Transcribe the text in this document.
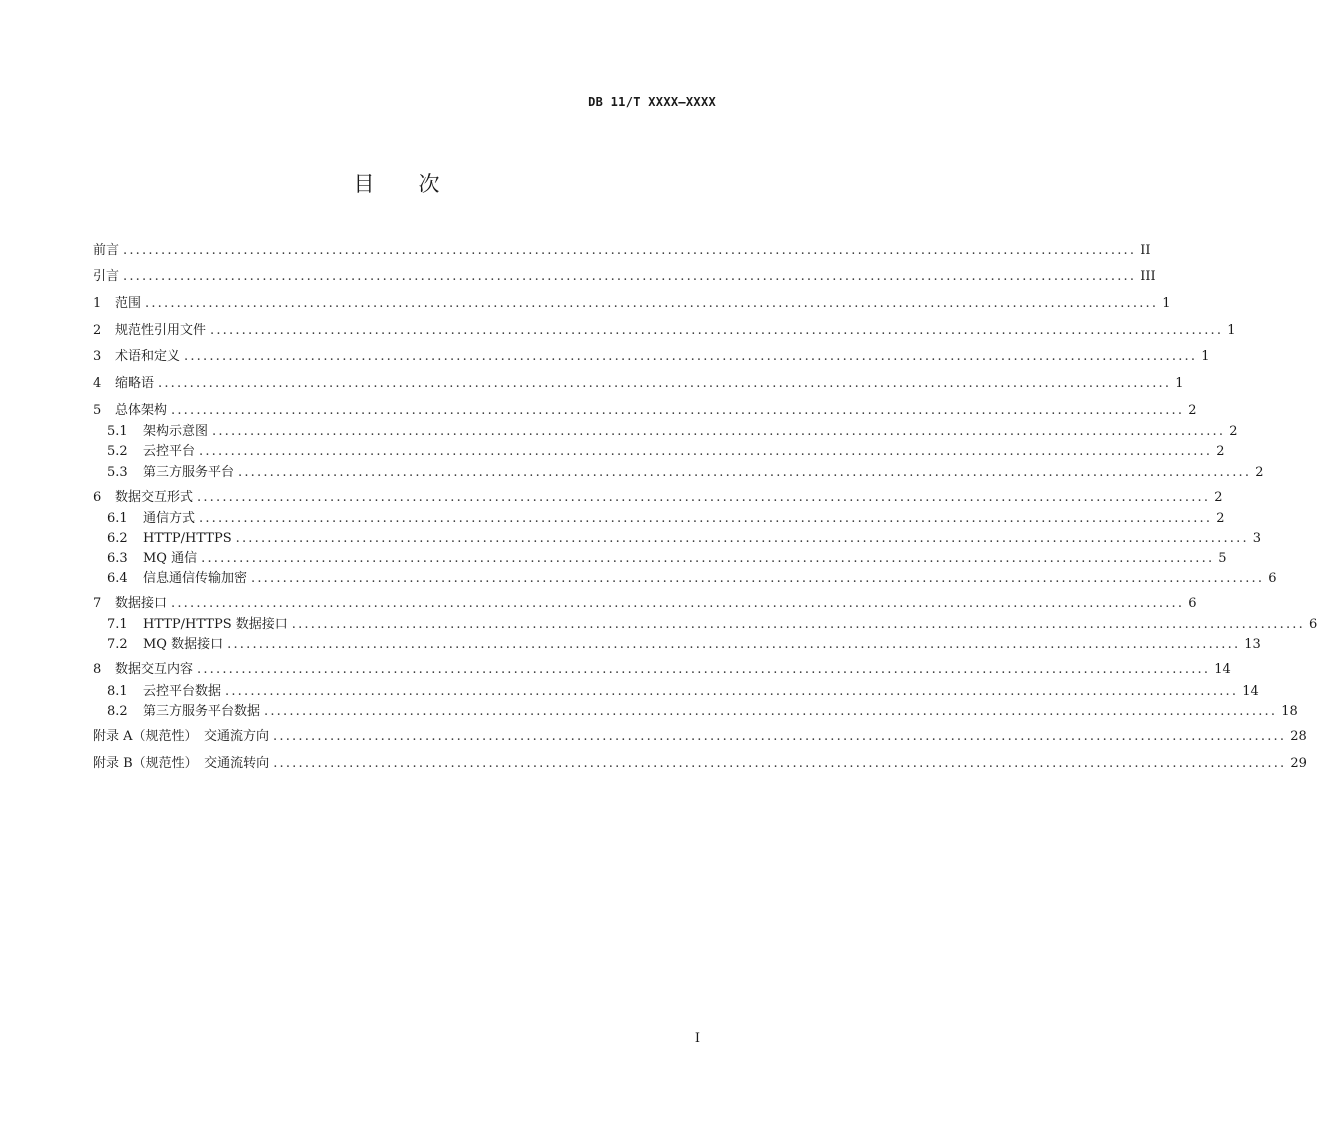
DB 11/T XXXX—XXXX
目 次
前言 ................................................................................................................................................................ II
引言 ................................................................................................................................................................ III
1	范围 ................................................................................................................................................................ 1
2	规范性引用文件 ................................................................................................................................................................ 1
3	术语和定义 ................................................................................................................................................................ 1
4	缩略语 ................................................................................................................................................................ 1
5	总体架构 ................................................................................................................................................................ 2
5.1	架构示意图 ................................................................................................................................................................ 2
5.2	云控平台 ................................................................................................................................................................ 2
5.3	第三方服务平台 ................................................................................................................................................................ 2
6	数据交互形式 ................................................................................................................................................................ 2
6.1	通信方式 ................................................................................................................................................................ 2
6.2	HTTP/HTTPS ................................................................................................................................................................ 3
6.3	MQ 通信 ................................................................................................................................................................ 5
6.4	信息通信传输加密 ................................................................................................................................................................ 6
7	数据接口 ................................................................................................................................................................ 6
7.1	HTTP/HTTPS 数据接口 ................................................................................................................................................................ 6
7.2	MQ 数据接口 ................................................................................................................................................................ 13
8	数据交互内容 ................................................................................................................................................................ 14
8.1	云控平台数据 ................................................................................................................................................................ 14
8.2	第三方服务平台数据 ................................................................................................................................................................ 18
附录 A（规范性）　交通流方向 ................................................................................................................................................................ 28
附录 B（规范性）　交通流转向 ................................................................................................................................................................ 29
I
